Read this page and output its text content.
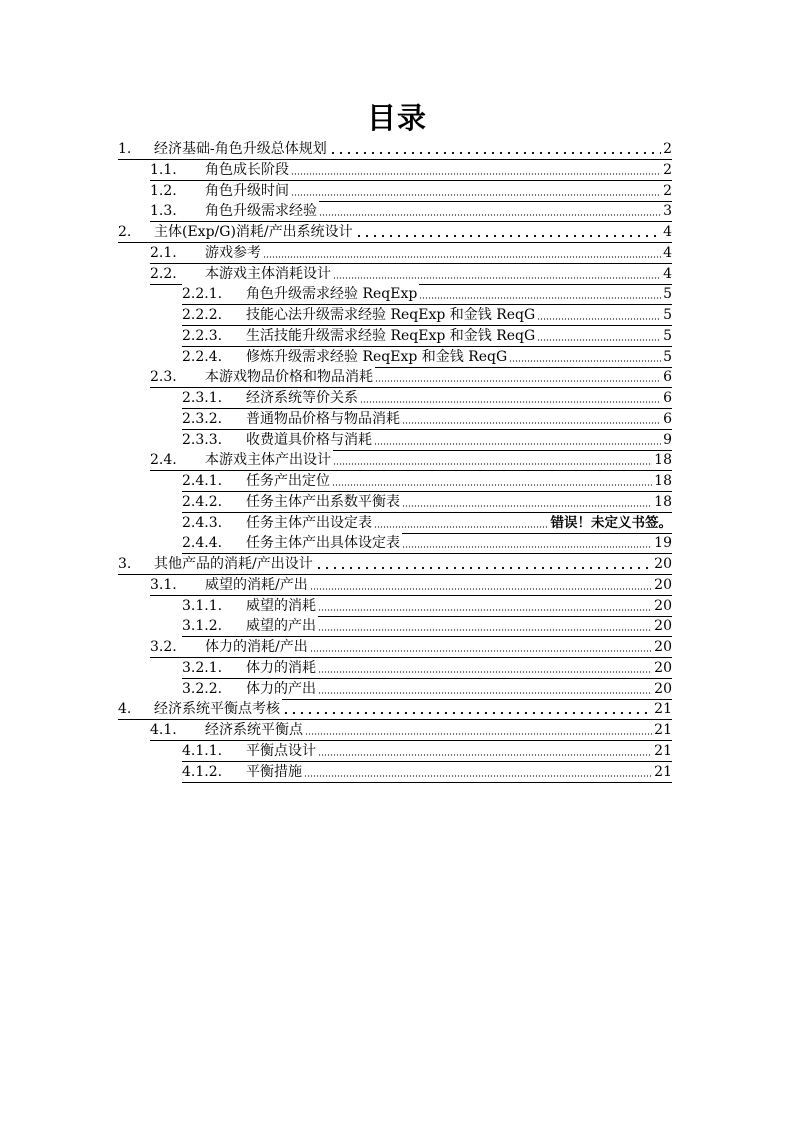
目录
1.	经济基础-角色升级总体规划	2
1.1.	角色成长阶段	2
1.2.	角色升级时间	2
1.3.	角色升级需求经验	3
2.	主体(Exp/G)消耗/产出系统设计	4
2.1.	游戏参考	4
2.2.	本游戏主体消耗设计	4
2.2.1.	角色升级需求经验 ReqExp	5
2.2.2.	技能心法升级需求经验 ReqExp 和金钱 ReqG	5
2.2.3.	生活技能升级需求经验 ReqExp 和金钱 ReqG	5
2.2.4.	修炼升级需求经验 ReqExp 和金钱 ReqG	5
2.3.	本游戏物品价格和物品消耗	6
2.3.1.	经济系统等价关系	6
2.3.2.	普通物品价格与物品消耗	6
2.3.3.	收费道具价格与消耗	9
2.4.	本游戏主体产出设计	18
2.4.1.	任务产出定位	18
2.4.2.	任务主体产出系数平衡表	18
2.4.3.	任务主体产出设定表	错误！未定义书签。
2.4.4.	任务主体产出具体设定表	19
3.	其他产品的消耗/产出设计	20
3.1.	威望的消耗/产出	20
3.1.1.	威望的消耗	20
3.1.2.	威望的产出	20
3.2.	体力的消耗/产出	20
3.2.1.	体力的消耗	20
3.2.2.	体力的产出	20
4.	经济系统平衡点考核	21
4.1.	经济系统平衡点	21
4.1.1.	平衡点设计	21
4.1.2.	平衡措施	21
